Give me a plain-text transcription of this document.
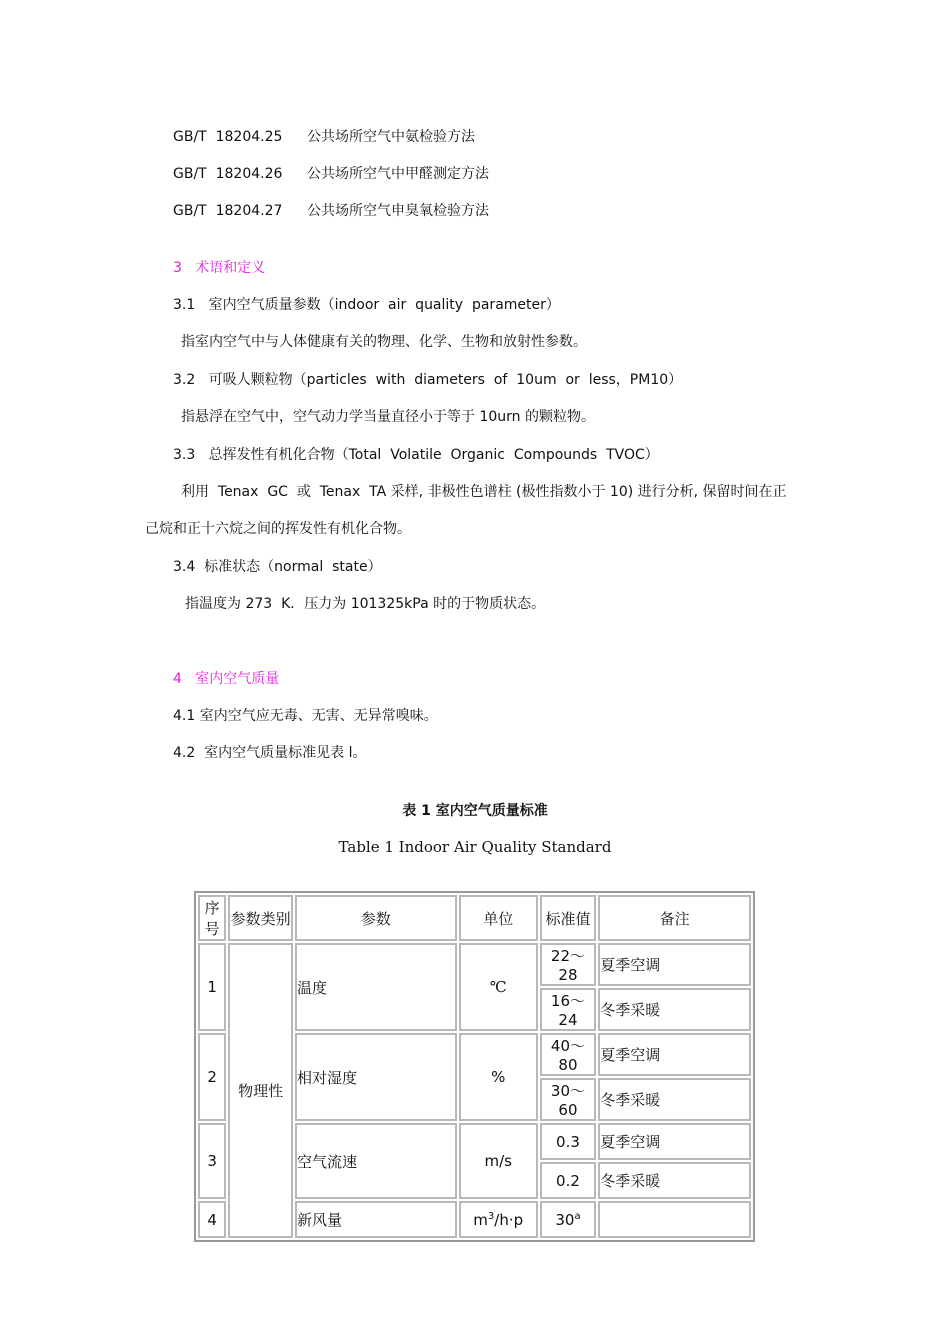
GB/T  18204.25 公共场所空气中氨检验方法
GB/T  18204.26 公共场所空气中甲醛测定方法
GB/T  18204.27 公共场所空气申臭氧检验方法
3   术语和定义
3.1   室内空气质量参数（indoor  air  quality  parameter）
指室内空气中与人体健康有关的物理、化学、生物和放射性参数。
3.2   可吸人颗粒物（particles  with  diameters  of  10um  or  less，PM10）
指悬浮在空气中，空气动力学当量直径小于等于 10urn 的颗粒物。
3.3   总挥发性有机化合物（Total  Volatile  Organic  Compounds  TVOC）
利用  Tenax  GC  或  Tenax  TA 采样, 非极性色谱柱 (极性指数小于 10) 进行分析, 保留时间在正
己烷和正十六烷之间的挥发性有机化合物。
3.4  标准状态（normal  state）
指温度为 273  K．压力为 101325kPa 时的于物质状态。
4   室内空气质量
4.1 室内空气应无毒、无害、无异常嗅味。
4.2  室内空气质量标准见表 l。
表 1 室内空气质量标准
Table 1 Indoor Air Quality Standard
序号	参数类别	参数	单位	标准值	备注
1	物理性	温度	℃	22～28	夏季空调
				16～24	冬季采暖
2		相对湿度	%	40～80	夏季空调
				30～60	冬季采暖
3		空气流速	m/s	0.3	夏季空调
				0.2	冬季采暖
4		新风量	$m^3/h\cdot p$	30$^a$	
